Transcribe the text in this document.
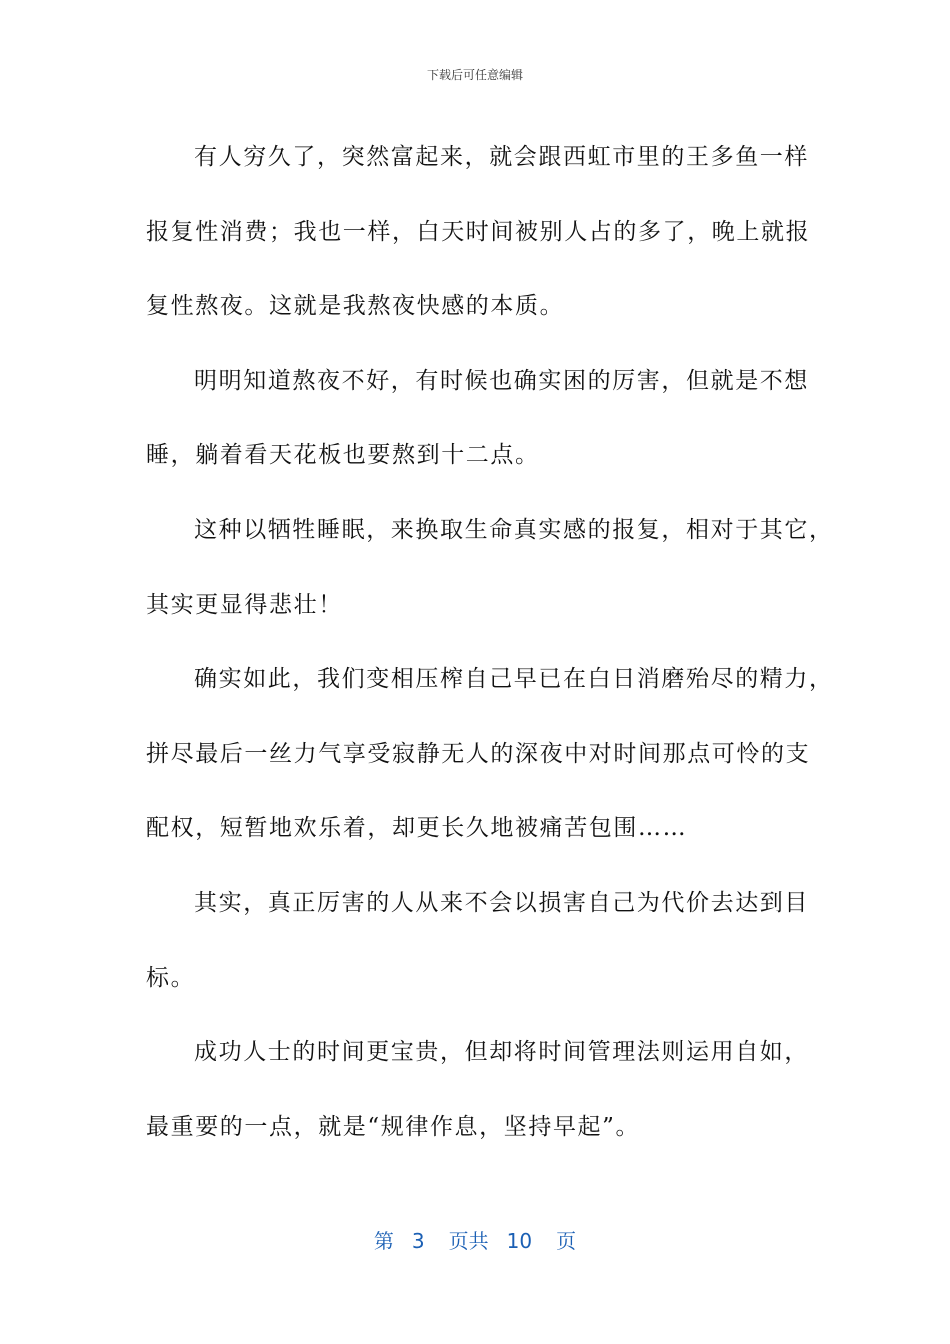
下载后可任意编辑

有人穷久了，突然富起来，就会跟西虹市里的王多鱼一样
报复性消费；我也一样，白天时间被别人占的多了，晚上就报
复性熬夜。这就是我熬夜快感的本质。

明明知道熬夜不好，有时候也确实困的厉害，但就是不想
睡，躺着看天花板也要熬到十二点。

这种以牺牲睡眠，来换取生命真实感的报复，相对于其它，
其实更显得悲壮！

确实如此，我们变相压榨自己早已在白日消磨殆尽的精力，
拼尽最后一丝力气享受寂静无人的深夜中对时间那点可怜的支
配权，短暂地欢乐着，却更长久地被痛苦包围……

其实，真正厉害的人从来不会以损害自己为代价去达到目
标。

成功人士的时间更宝贵，但却将时间管理法则运用自如，
最重要的一点，就是“规律作息，坚持早起”。

第 3 页共 10 页
